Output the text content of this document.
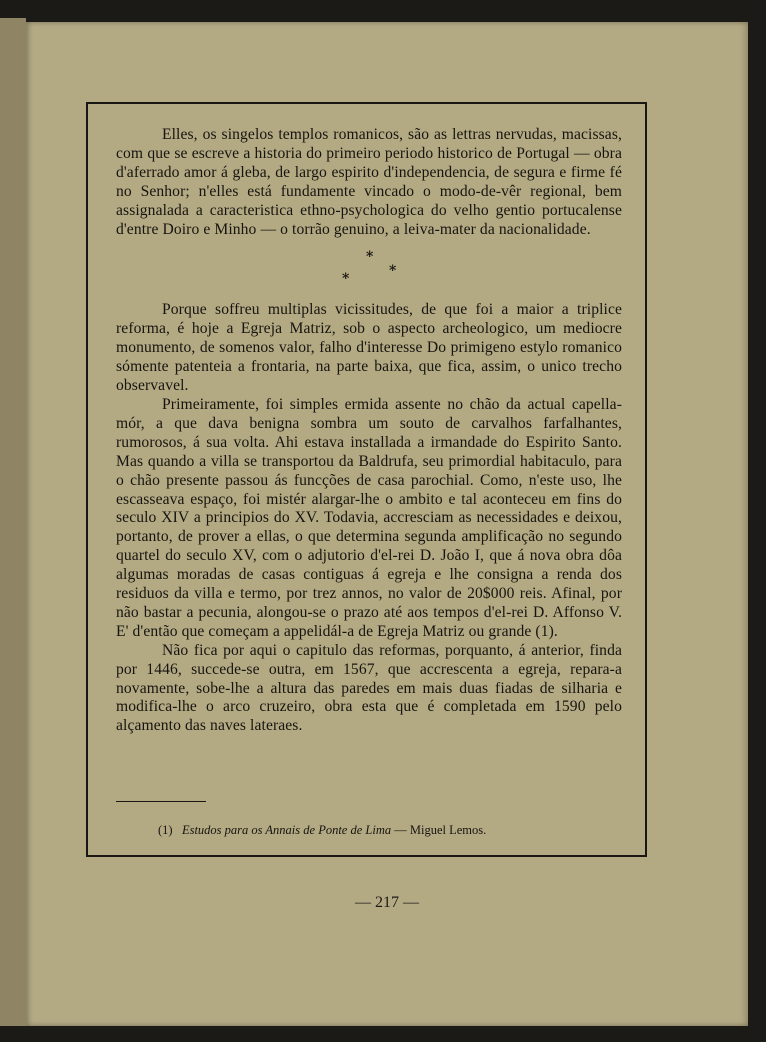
Elles, os singelos templos romanicos, são as lettras nervudas, macissas, com que se escreve a historia do primeiro periodo historico de Portugal — obra d'aferrado amor á gleba, de largo espirito d'independencia, de segura e firme fé no Senhor; n'elles está fundamente vincado o modo-de-vêr regional, bem assignalada a caracteristica ethno-psychologica do velho gentio portucalense d'entre Doiro e Minho — o torrão genuino, a leiva-mater da nacionalidade.

*
*	*

Porque soffreu multiplas vicissitudes, de que foi a maior a triplice reforma, é hoje a Egreja Matriz, sob o aspecto archeologico, um mediocre monumento, de somenos valor, falho d'interesse Do primigeno estylo romanico sómente patenteia a frontaria, na parte baixa, que fica, assim, o unico trecho observavel.

Primeiramente, foi simples ermida assente no chão da actual capella-mór, a que dava benigna sombra um souto de carvalhos farfalhantes, rumorosos, á sua volta. Ahi estava installada a irmandade do Espirito Santo. Mas quando a villa se transportou da Baldrufa, seu primordial habitaculo, para o chão presente passou ás funcções de casa parochial. Como, n'este uso, lhe escasseava espaço, foi mistér alargar-lhe o ambito e tal aconteceu em fins do seculo XIV a principios do XV. Todavia, accresciam as necessidades e deixou, portanto, de prover a ellas, o que determina segunda amplificação no segundo quartel do seculo XV, com o adjutorio d'el-rei D. João I, que á nova obra dôa algumas moradas de casas contiguas á egreja e lhe consigna a renda dos residuos da villa e termo, por trez annos, no valor de 20$000 reis. Afinal, por não bastar a pecunia, alongou-se o prazo até aos tempos d'el-rei D. Affonso V. E' d'então que começam a appelidál-a de Egreja Matriz ou grande (1).

Não fica por aqui o capitulo das reformas, porquanto, á anterior, finda por 1446, succede-se outra, em 1567, que accrescenta a egreja, repara-a novamente, sobe-lhe a altura das paredes em mais duas fiadas de silharia e modifica-lhe o arco cruzeiro, obra esta que é completada em 1590 pelo alçamento das naves lateraes.

(1) Estudos para os Annais de Ponte de Lima — Miguel Lemos.
— 217 —
